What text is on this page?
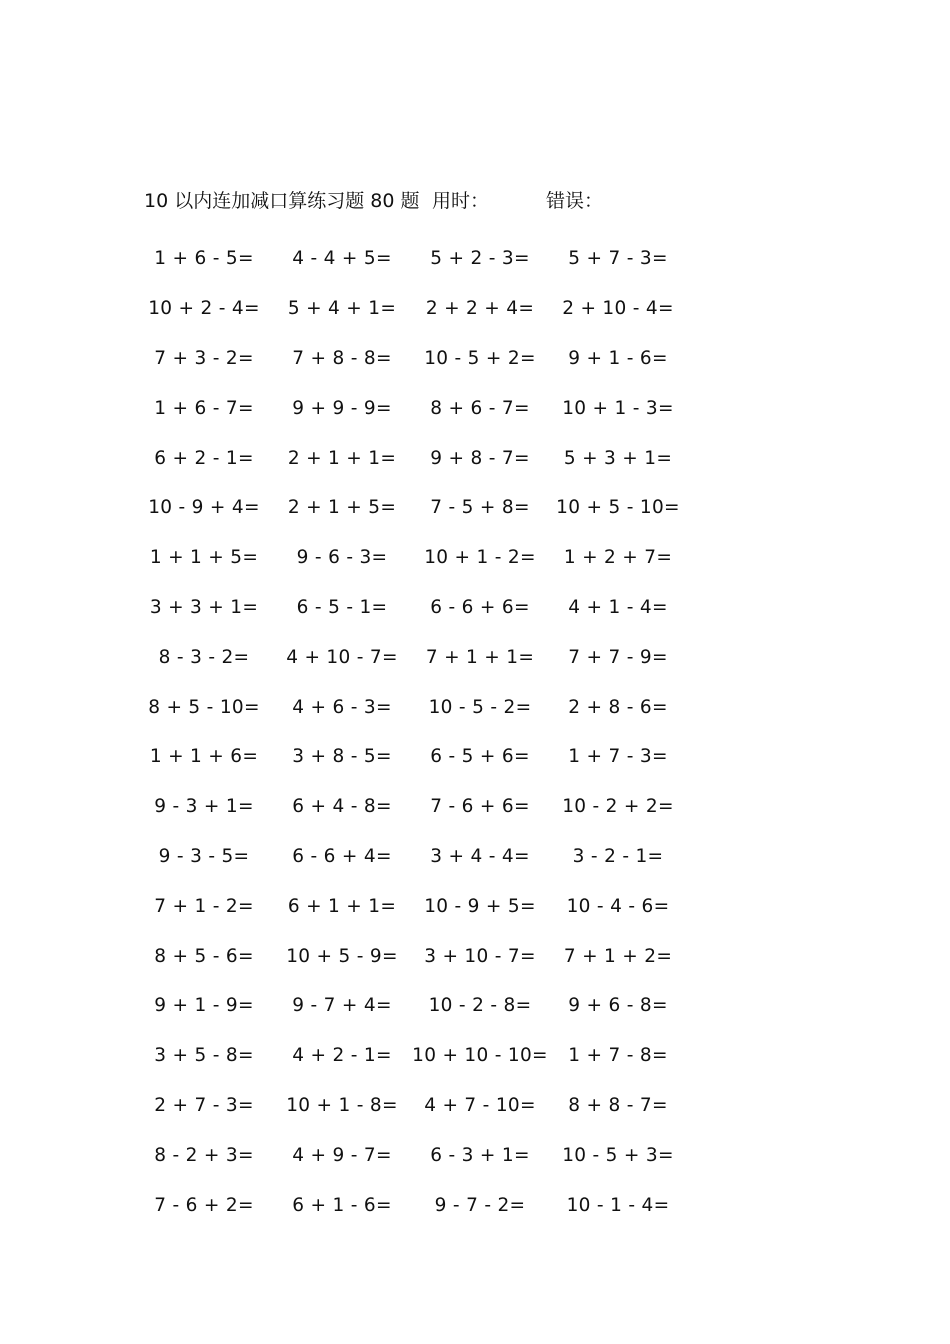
10 以内连加减口算练习题 80 题 用时：	错误：
1 + 6 - 5=	4 - 4 + 5=	5 + 2 - 3=	5 + 7 - 3=
10 + 2 - 4=	5 + 4 + 1=	2 + 2 + 4=	2 + 10 - 4=
7 + 3 - 2=	7 + 8 - 8=	10 - 5 + 2=	9 + 1 - 6=
1 + 6 - 7=	9 + 9 - 9=	8 + 6 - 7=	10 + 1 - 3=
6 + 2 - 1=	2 + 1 + 1=	9 + 8 - 7=	5 + 3 + 1=
10 - 9 + 4=	2 + 1 + 5=	7 - 5 + 8=	10 + 5 - 10=
1 + 1 + 5=	9 - 6 - 3=	10 + 1 - 2=	1 + 2 + 7=
3 + 3 + 1=	6 - 5 - 1=	6 - 6 + 6=	4 + 1 - 4=
8 - 3 - 2=	4 + 10 - 7=	7 + 1 + 1=	7 + 7 - 9=
8 + 5 - 10=	4 + 6 - 3=	10 - 5 - 2=	2 + 8 - 6=
1 + 1 + 6=	3 + 8 - 5=	6 - 5 + 6=	1 + 7 - 3=
9 - 3 + 1=	6 + 4 - 8=	7 - 6 + 6=	10 - 2 + 2=
9 - 3 - 5=	6 - 6 + 4=	3 + 4 - 4=	3 - 2 - 1=
7 + 1 - 2=	6 + 1 + 1=	10 - 9 + 5=	10 - 4 - 6=
8 + 5 - 6=	10 + 5 - 9=	3 + 10 - 7=	7 + 1 + 2=
9 + 1 - 9=	9 - 7 + 4=	10 - 2 - 8=	9 + 6 - 8=
3 + 5 - 8=	4 + 2 - 1=	10 + 10 - 10=	1 + 7 - 8=
2 + 7 - 3=	10 + 1 - 8=	4 + 7 - 10=	8 + 8 - 7=
8 - 2 + 3=	4 + 9 - 7=	6 - 3 + 1=	10 - 5 + 3=
7 - 6 + 2=	6 + 1 - 6=	9 - 7 - 2=	10 - 1 - 4=
